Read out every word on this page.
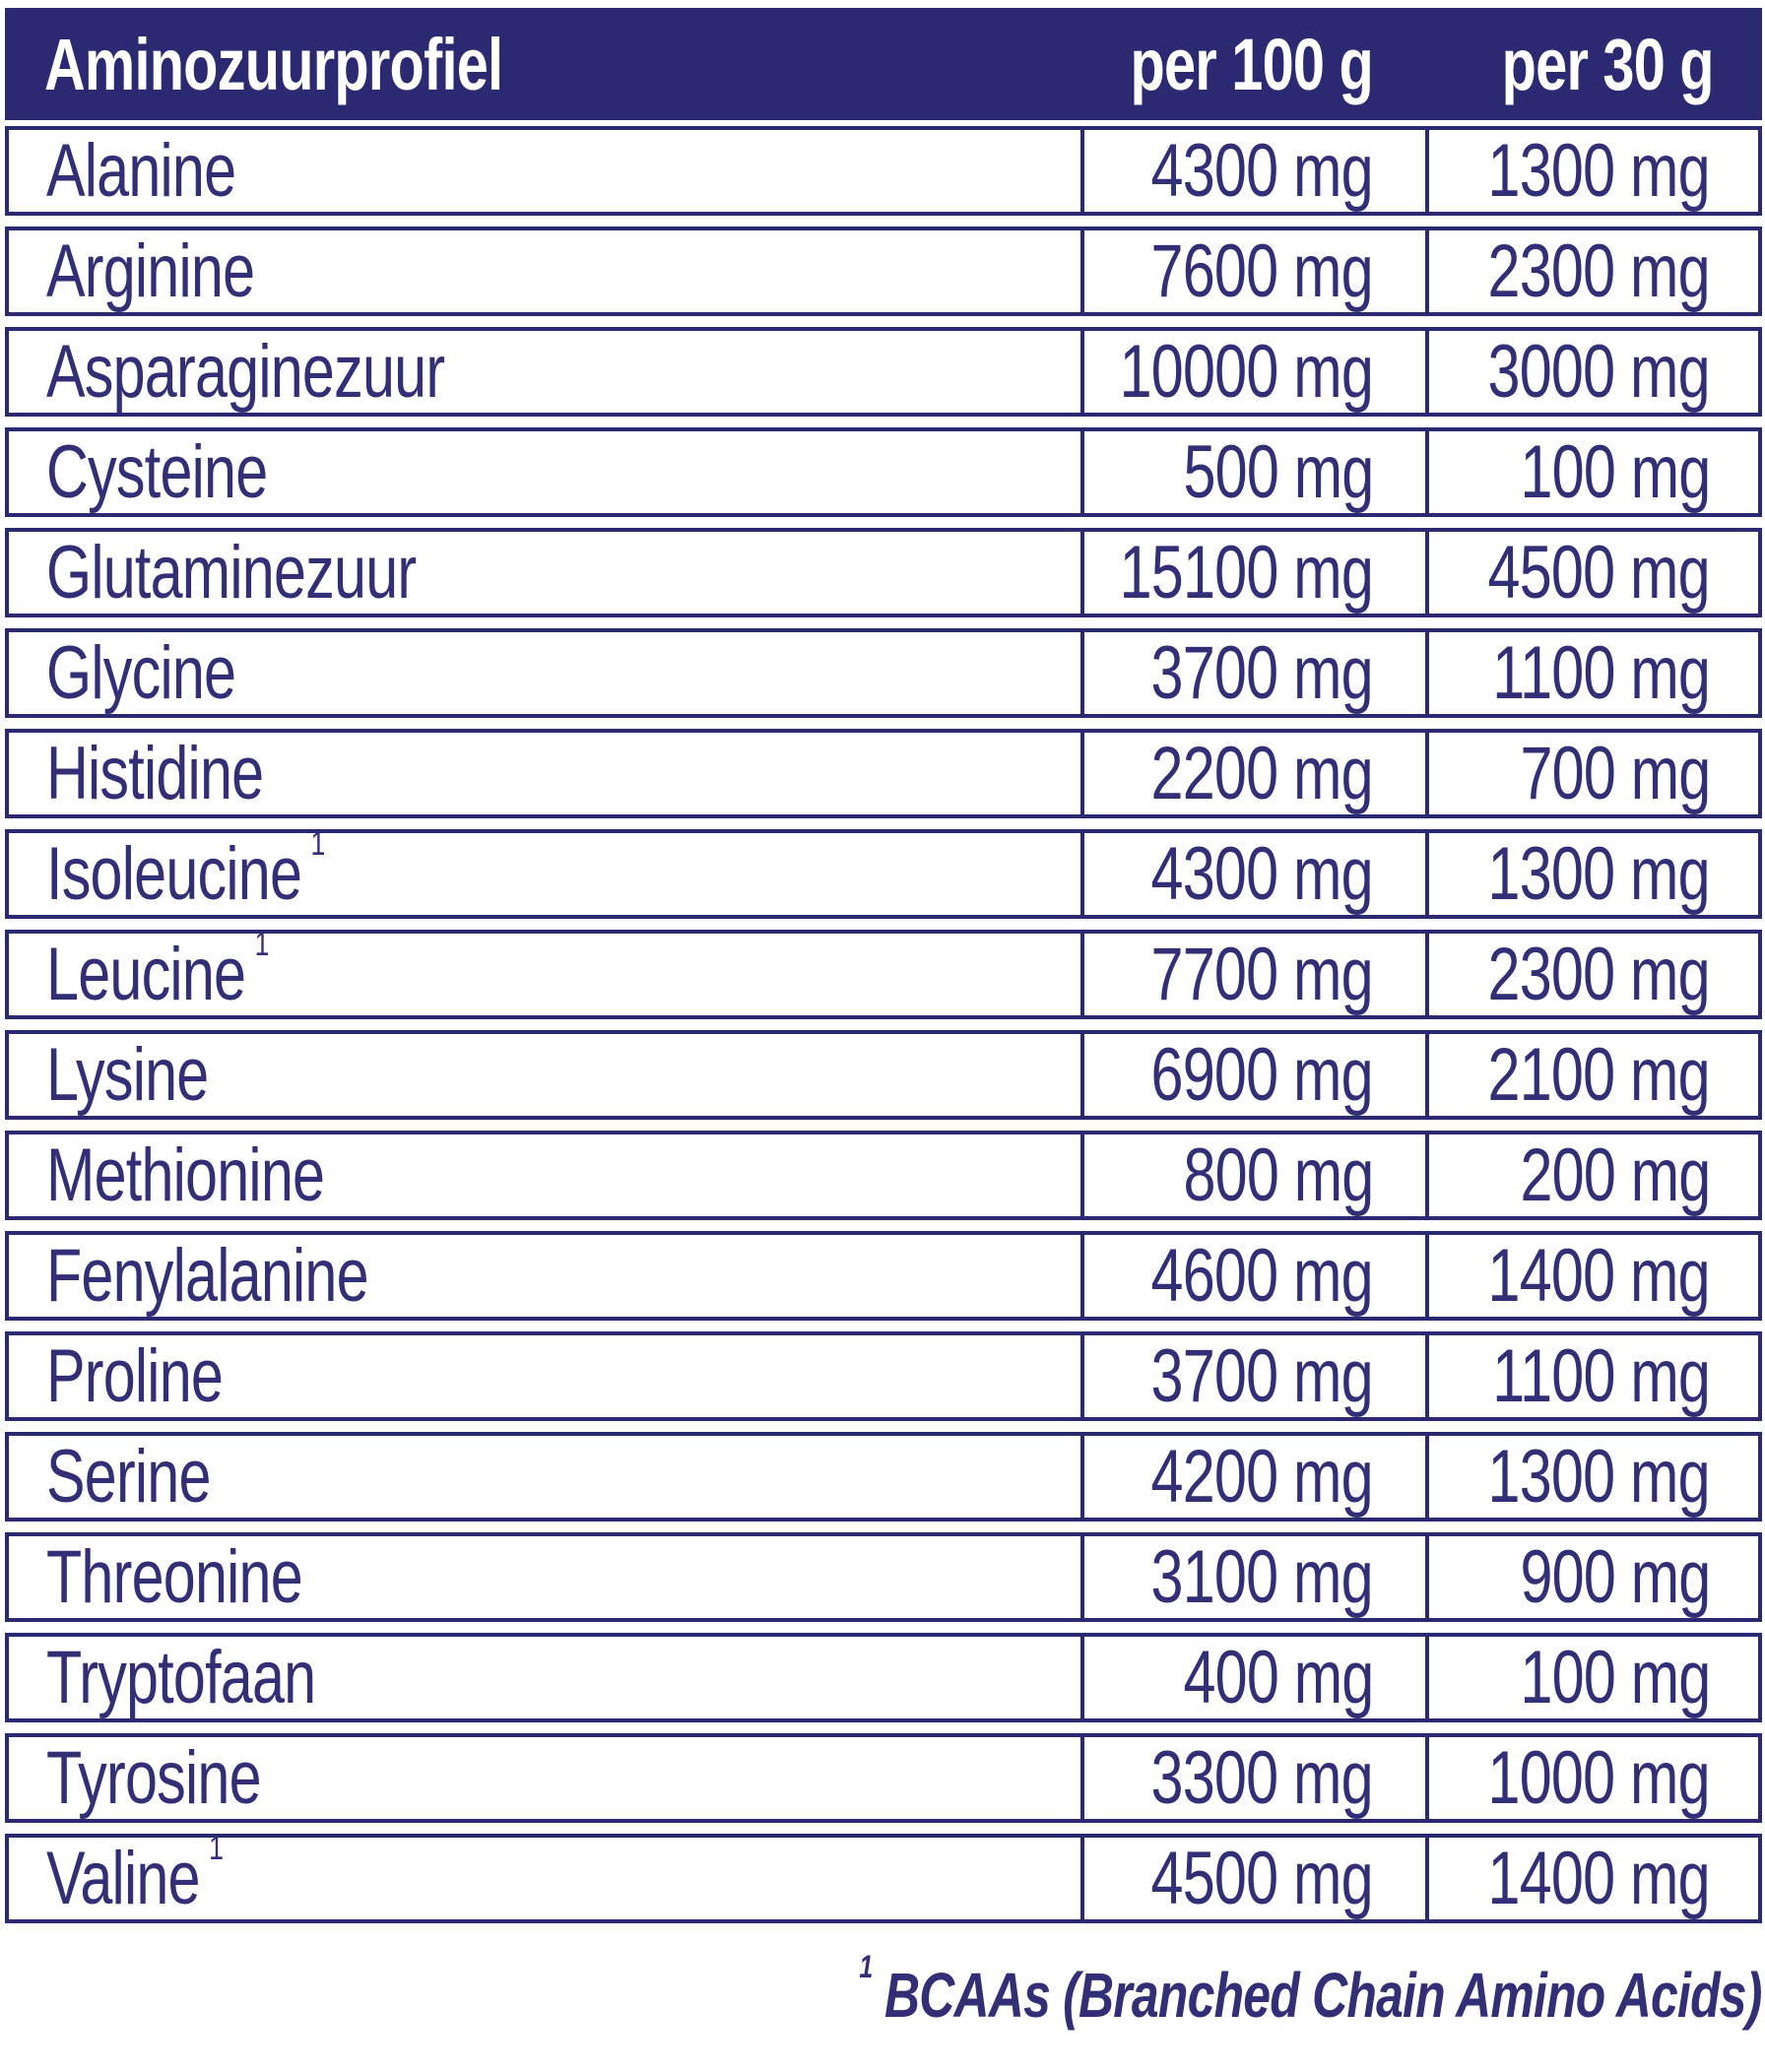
Aminozuurprofiel	per 100 g per 30 g
Alanine	4300 mg 1300 mg
Arginine	7600 mg 2300 mg
Asparaginezuur	10000 mg 3000 mg
Cysteine	500 mg 100 mg
Glutaminezuur	15100 mg 4500 mg
Glycine	3700 mg 1100 mg
Histidine	2200 mg 700 mg
Isoleucine $^1$	4300 mg 1300 mg
Leucine $^1$	7700 mg 2300 mg
Lysine	6900 mg 2100 mg
Methionine	800 mg 200 mg
Fenylalanine	4600 mg 1400 mg
Proline	3700 mg 1100 mg
Serine	4200 mg 1300 mg
Threonine	3100 mg 900 mg
Tryptofaan	400 mg 100 mg
Tyrosine	3300 mg 1000 mg
Valine $^1$	4500 mg 1400 mg
$^1$ BCAAs (Branched Chain Amino Acids)
